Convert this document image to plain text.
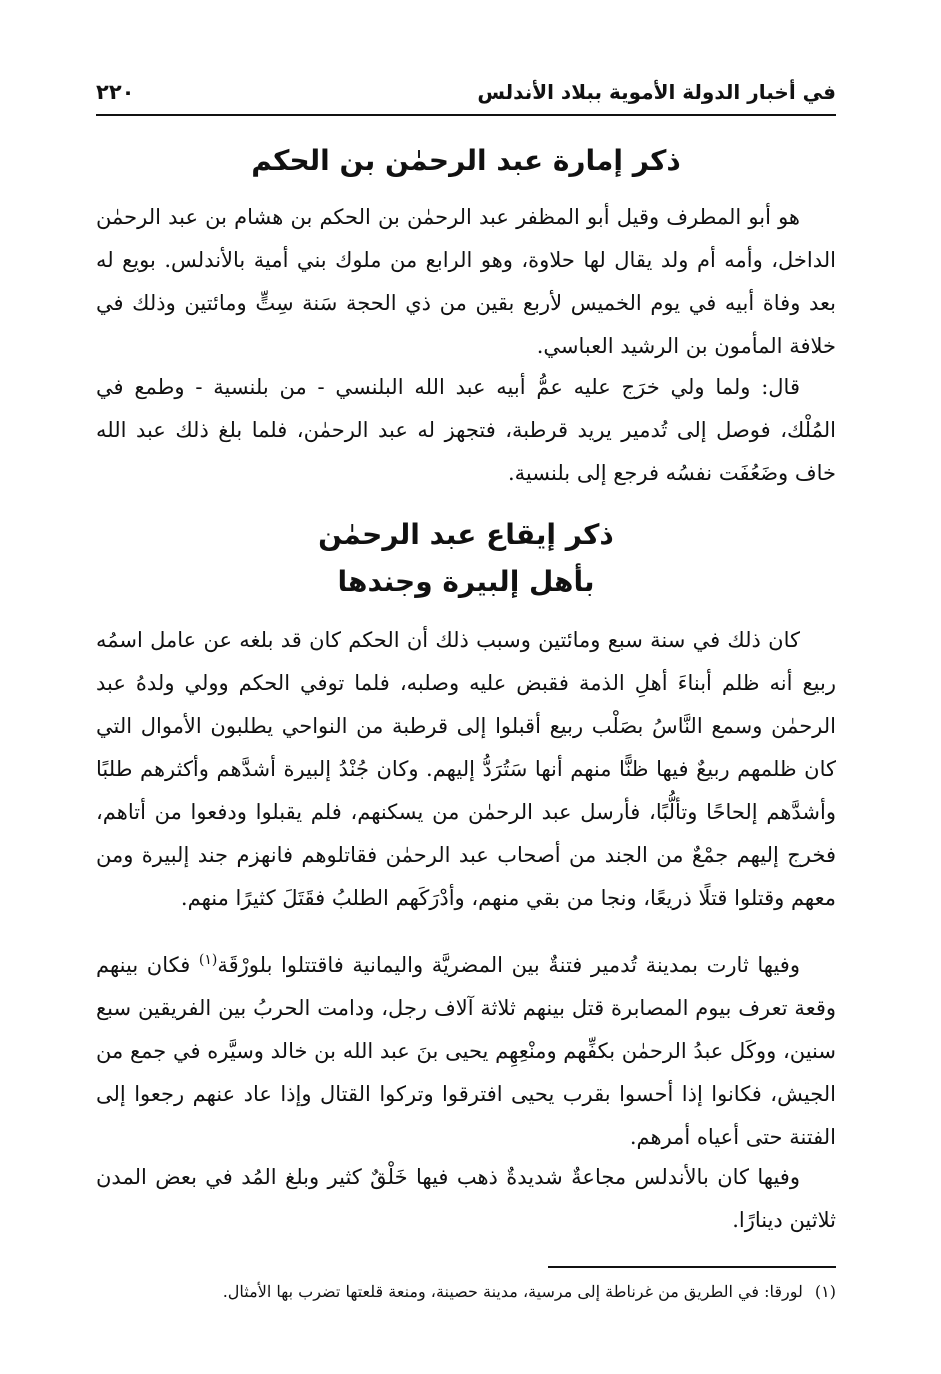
في أخبار الدولة الأموية ببلاد الأندلس
٢٢٠
ذكر إمارة عبد الرحمٰن بن الحكم

هو أبو المطرف وقيل أبو المظفر عبد الرحمٰن بن الحكم بن هشام بن عبد الرحمٰن الداخل، وأمه أم ولد يقال لها حلاوة، وهو الرابع من ملوك بني أمية بالأندلس. بويع له بعد وفاة أبيه في يوم الخميس لأربع بقين من ذي الحجة سَنة سِتٍّ ومائتين وذلك في خلافة المأمون بن الرشيد العباسي.

قال: ولما ولي خرَج عليه عمُّ أبيه عبد الله البلنسي - من بلنسية - وطمع في المُلْك، فوصل إلى تُدمير يريد قرطبة، فتجهز له عبد الرحمٰن، فلما بلغ ذلك عبد الله خاف وضَعُفَت نفسُه فرجع إلى بلنسية.

ذكر إيقاع عبد الرحمٰن
بأهل إلبيرة وجندها

كان ذلك في سنة سبع ومائتين وسبب ذلك أن الحكم كان قد بلغه عن عامل اسمُه ربيع أنه ظلم أبناءَ أهلِ الذمة فقبض عليه وصلبه، فلما توفي الحكم وولي ولدهُ عبد الرحمٰن وسمع النَّاسُ بصَلْب ربيع أقبلوا إلى قرطبة من النواحي يطلبون الأموال التي كان ظلمهم ربيعٌ فيها ظنًّا منهم أنها سَتُرَدُّ إليهم. وكان جُنْدُ إلبيرة أشدَّهم وأكثرهم طلبًا وأشدَّهم إلحاحًا وتألُّبًا، فأرسل عبد الرحمٰن من يسكنهم، فلم يقبلوا ودفعوا من أتاهم، فخرج إليهم جمْعٌ من الجند من أصحاب عبد الرحمٰن فقاتلوهم فانهزم جند إلبيرة ومن معهم وقتلوا قتلًا ذريعًا، ونجا من بقي منهم، وأدْرَكَهم الطلبُ فقَتَلَ كثيرًا منهم.

وفيها ثارت بمدينة تُدمير فتنةٌ بين المضريَّة واليمانية فاقتتلوا بلورْقَة$^{(١)}$ فكان بينهم وقعة تعرف بيوم المصابرة قتل بينهم ثلاثة آلاف رجل، ودامت الحربُ بين الفريقين سبع سنين، ووكَل عبدُ الرحمٰن بكفِّهم ومنْعِهِم يحيى بنَ عبد الله بن خالد وسيَّره في جمع من الجيش، فكانوا إذا أحسوا بقرب يحيى افترقوا وتركوا القتال وإذا عاد عنهم رجعوا إلى الفتنة حتى أعياه أمرهم.

وفيها كان بالأندلس مجاعةٌ شديدةٌ ذهب فيها خَلْقٌ كثير وبلغ المُد في بعض المدن ثلاثين دينارًا.

(١)لورقا: في الطريق من غرناطة إلى مرسية، مدينة حصينة، ومنعة قلعتها تضرب بها الأمثال.
